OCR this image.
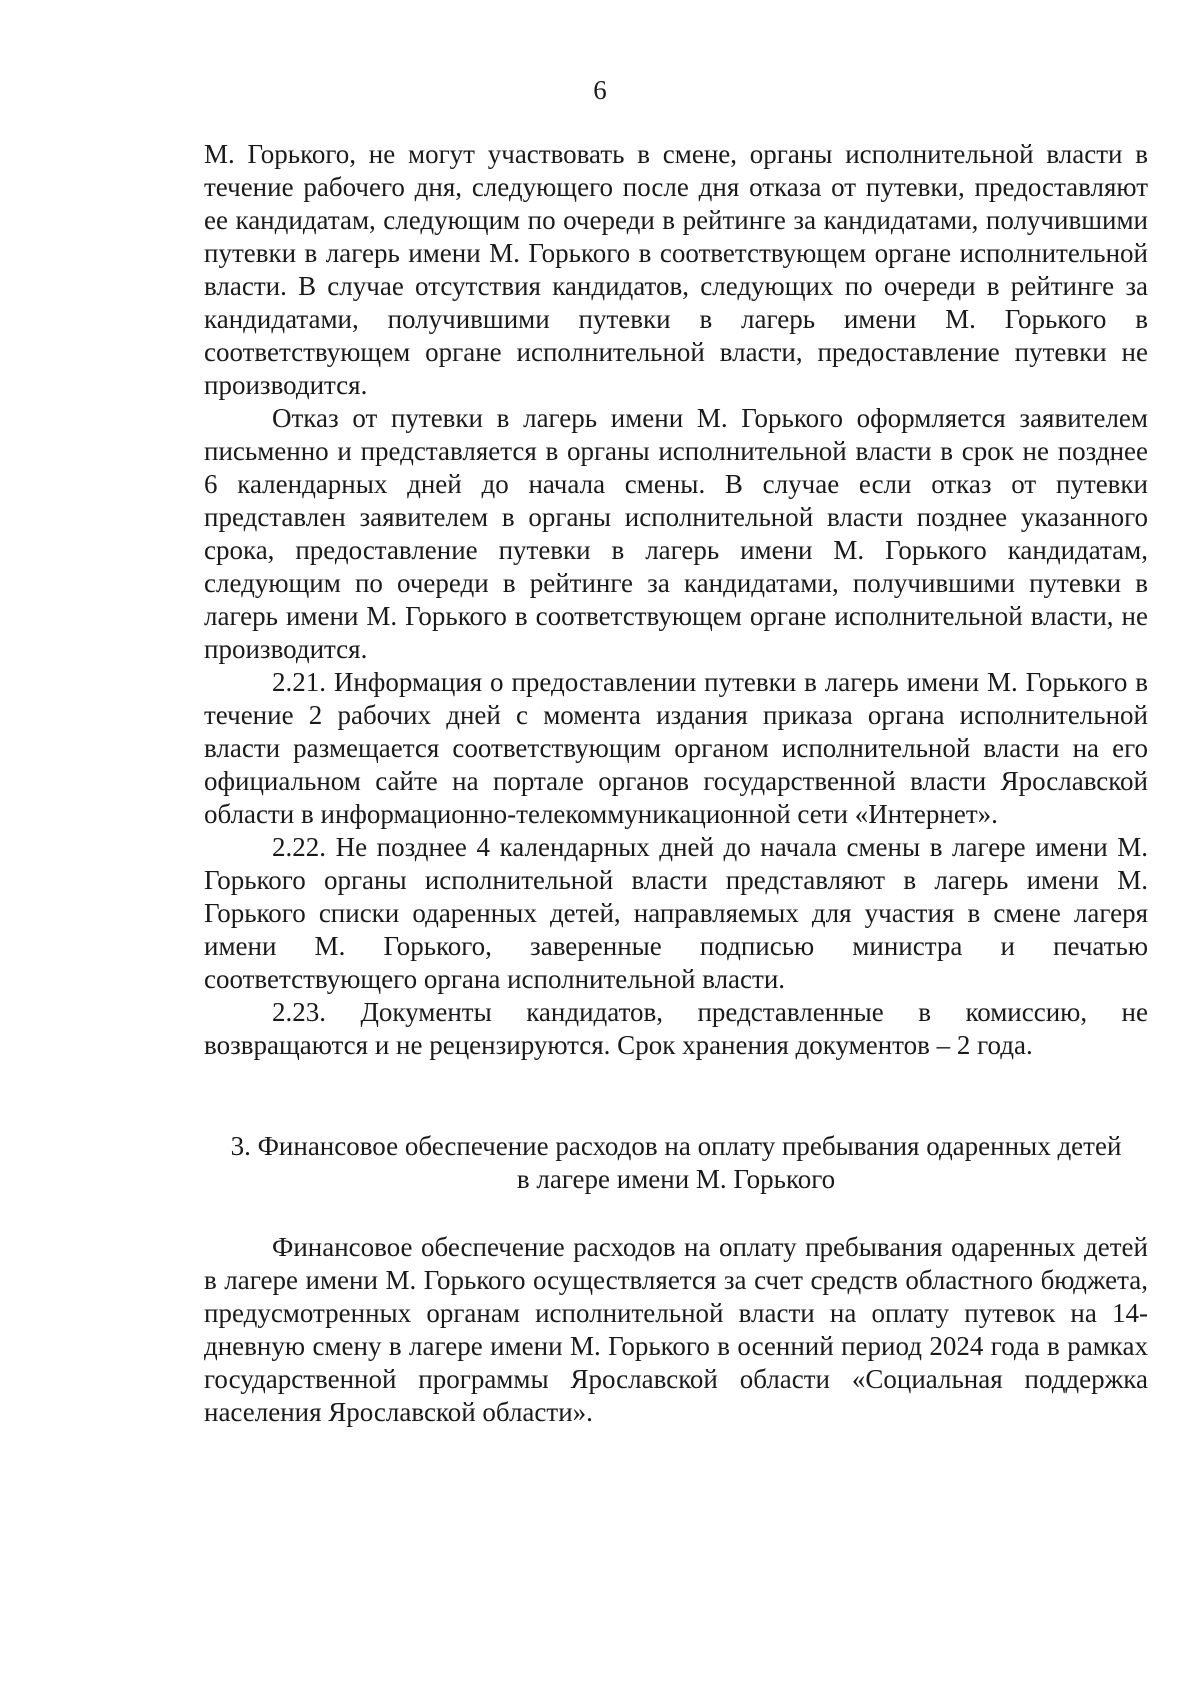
6

М. Горького, не могут участвовать в смене, органы исполнительной власти в течение рабочего дня, следующего после дня отказа от путевки, предоставляют ее кандидатам, следующим по очереди в рейтинге за кандидатами, получившими путевки в лагерь имени М. Горького в соответствующем органе исполнительной власти. В случае отсутствия кандидатов, следующих по очереди в рейтинге за кандидатами, получившими путевки в лагерь имени М. Горького в соответствующем органе исполнительной власти, предоставление путевки не производится.

Отказ от путевки в лагерь имени М. Горького оформляется заявителем письменно и представляется в органы исполнительной власти в срок не позднее 6 календарных дней до начала смены. В случае если отказ от путевки представлен заявителем в органы исполнительной власти позднее указанного срока, предоставление путевки в лагерь имени М. Горького кандидатам, следующим по очереди в рейтинге за кандидатами, получившими путевки в лагерь имени М. Горького в соответствующем органе исполнительной власти, не производится.

2.21. Информация о предоставлении путевки в лагерь имени М. Горького в течение 2 рабочих дней с момента издания приказа органа исполнительной власти размещается соответствующим органом исполнительной власти на его официальном сайте на портале органов государственной власти Ярославской области в информационно-телекоммуникационной сети «Интернет».

2.22. Не позднее 4 календарных дней до начала смены в лагере имени М. Горького органы исполнительной власти представляют в лагерь имени М. Горького списки одаренных детей, направляемых для участия в смене лагеря имени М. Горького, заверенные подписью министра и печатью соответствующего органа исполнительной власти.

2.23. Документы кандидатов, представленные в комиссию, не возвращаются и не рецензируются. Срок хранения документов – 2 года.

3. Финансовое обеспечение расходов на оплату пребывания одаренных детей
в лагере имени М. Горького

Финансовое обеспечение расходов на оплату пребывания одаренных детей в лагере имени М. Горького осуществляется за счет средств областного бюджета, предусмотренных органам исполнительной власти на оплату путевок на 14-дневную смену в лагере имени М. Горького в осенний период 2024 года в рамках государственной программы Ярославской области «Социальная поддержка населения Ярославской области».
